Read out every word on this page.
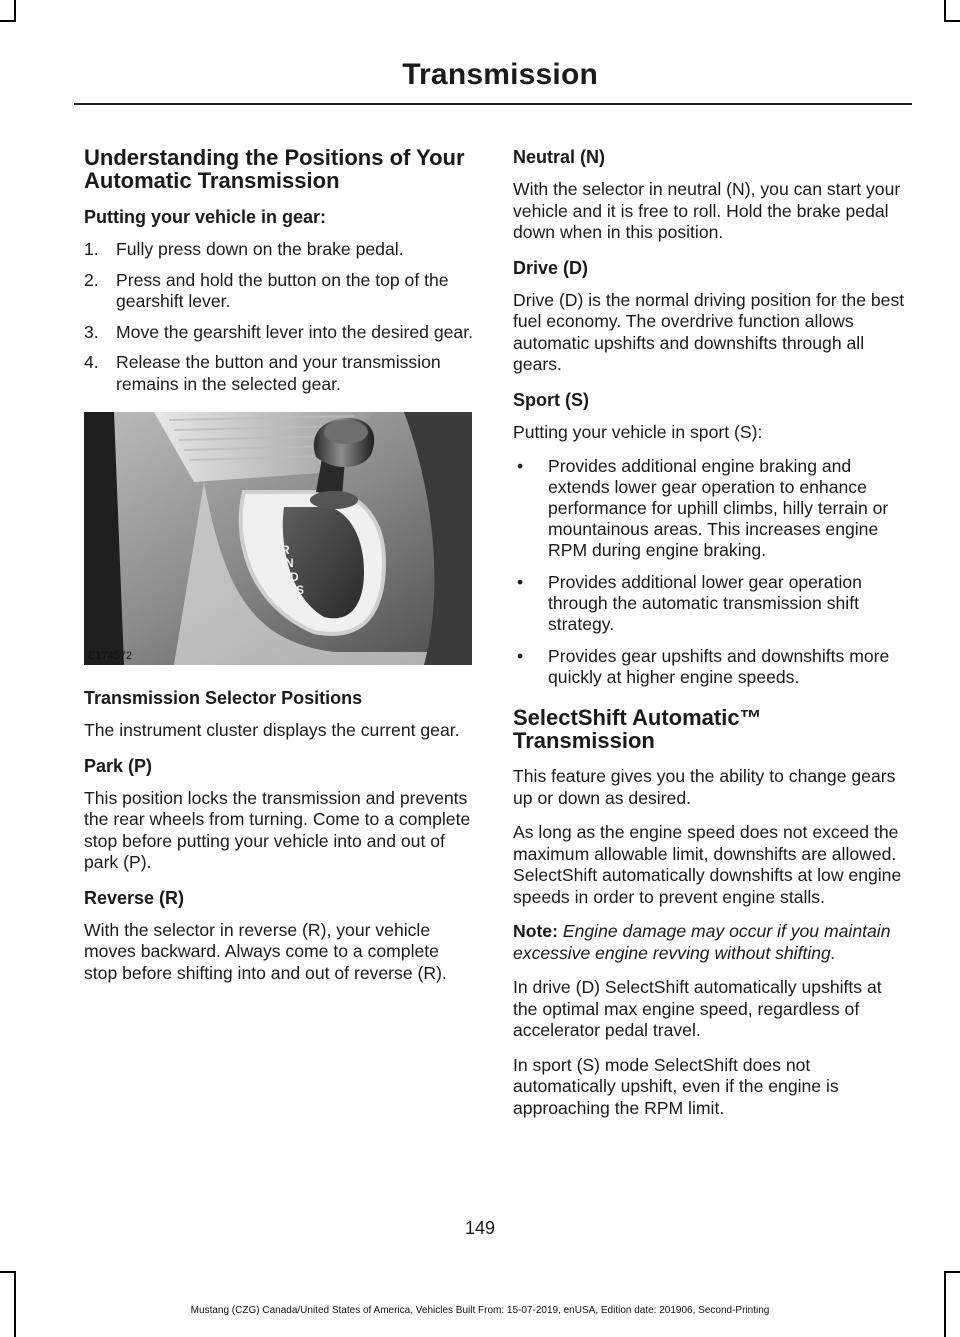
Transmission
Understanding the Positions of Your Automatic Transmission
Putting your vehicle in gear:
1. Fully press down on the brake pedal.
2. Press and hold the button on the top of the gearshift lever.
3. Move the gearshift lever into the desired gear.
4. Release the button and your transmission remains in the selected gear.
P
R
N
D
S
E174572
Transmission Selector Positions

The instrument cluster displays the current gear.

Park (P)

This position locks the transmission and prevents the rear wheels from turning. Come to a complete stop before putting your vehicle into and out of park (P).

Reverse (R)

With the selector in reverse (R), your vehicle moves backward. Always come to a complete stop before shifting into and out of reverse (R).

Neutral (N)

With the selector in neutral (N), you can start your vehicle and it is free to roll. Hold the brake pedal down when in this position.

Drive (D)

Drive (D) is the normal driving position for the best fuel economy. The overdrive function allows automatic upshifts and downshifts through all gears.

Sport (S)

Putting your vehicle in sport (S):

• Provides additional engine braking and extends lower gear operation to enhance performance for uphill climbs, hilly terrain or mountainous areas. This increases engine RPM during engine braking.
• Provides additional lower gear operation through the automatic transmission shift strategy.
• Provides gear upshifts and downshifts more quickly at higher engine speeds.
SelectShift Automatic™ Transmission

This feature gives you the ability to change gears up or down as desired.

As long as the engine speed does not exceed the maximum allowable limit, downshifts are allowed. SelectShift automatically downshifts at low engine speeds in order to prevent engine stalls.

Note: Engine damage may occur if you maintain excessive engine revving without shifting.

In drive (D) SelectShift automatically upshifts at the optimal max engine speed, regardless of accelerator pedal travel.

In sport (S) mode SelectShift does not automatically upshift, even if the engine is approaching the RPM limit.

149
Mustang (CZG) Canada/United States of America, Vehicles Built From: 15-07-2019, enUSA, Edition date: 201906, Second-Printing
